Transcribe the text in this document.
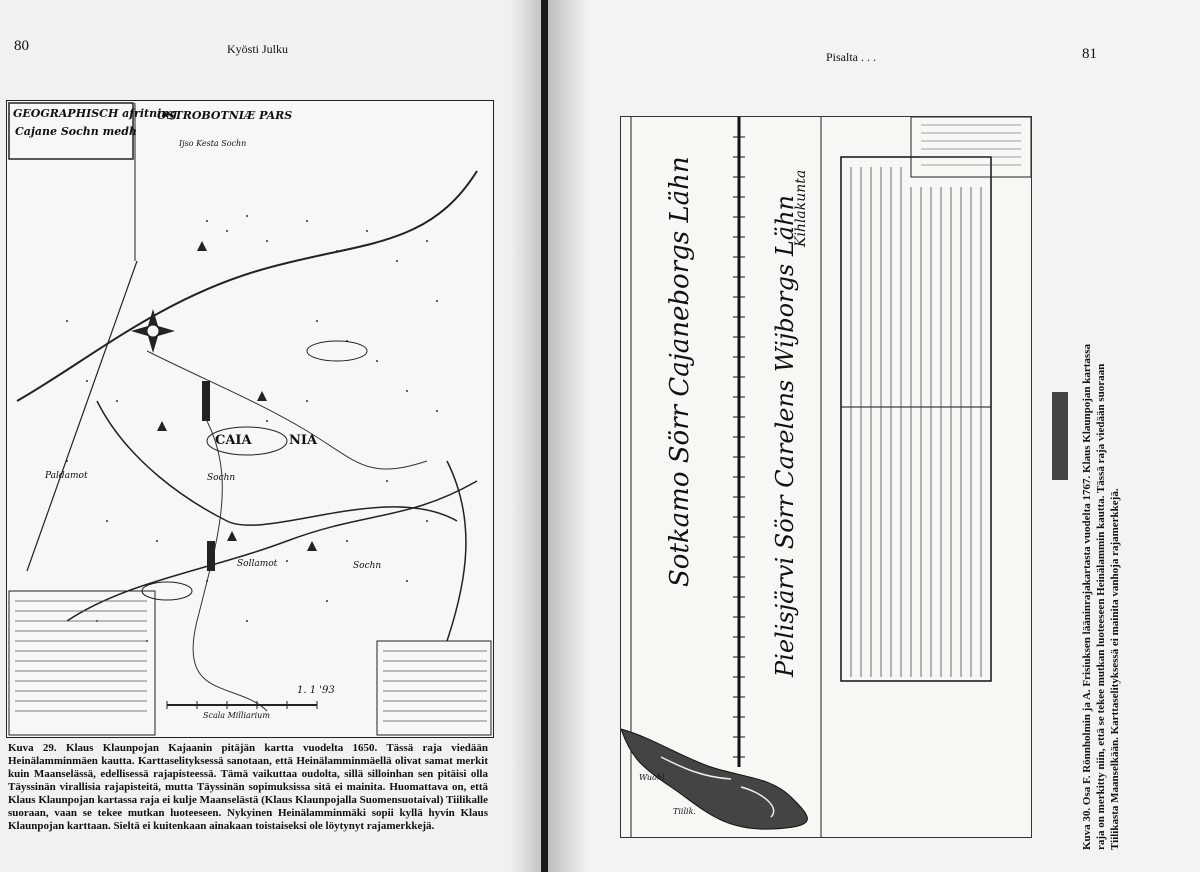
80	Kyösti Julku
GEOGRAPHISCH afritning
Cajane Sochn medh
OSTROBOTNIÆ PARS
Ijso Kesta Sochn
CAIA	NIA
Sochn
Sollamot	Sochn
Paldamot
Scala Milliarium
1. 1 '93
Kuva 29. Klaus Klaunpojan Kajaanin pitäjän kartta vuodelta 1650. Tässä raja viedään Heinälamminmäen kautta. Karttaselityksessä sanotaan, että Heinälamminmäellä olivat samat merkit kuin Maanselässä, edellisessä rajapisteessä. Tämä vaikuttaa oudolta, sillä silloinhan sen pitäisi olla Täyssinän virallisia rajapisteitä, mutta Täyssinän sopimuksissa sitä ei mainita. Huomattava on, että Klaus Klaunpojan kartassa raja ei kulje Maanselästä (Klaus Klaunpojalla Suomensuotaival) Tiilikalle suoraan, vaan se tekee mutkan luoteeseen. Nykyinen Heinälamminmäki sopii kyllä hyvin Klaus Klaunpojan karttaan. Sieltä ei kuitenkaan ainakaan toistaiseksi ole löytynyt rajamerkkejä.
Pisalta . . .	81
Sotkamo Sörr Cajaneborgs Lähn	Pielisjärvi Sörr Carelens Wijborgs Lähn
Kihlakunta
Wuohi
Tiilik.	Kuva 30. Osa F. Rönnholmin ja A. Frisiuksen lääninrajakartasta vuodelta 1767. Klaus Klaunpojan kartassa raja on merkitty niin, että se tekee mutkan luoteeseen Heinälammin kautta. Tässä raja viedään suoraan Tiilikasta Maanselkään. Karttaselityksessä ei mainita vanhoja rajamerkkejä.
